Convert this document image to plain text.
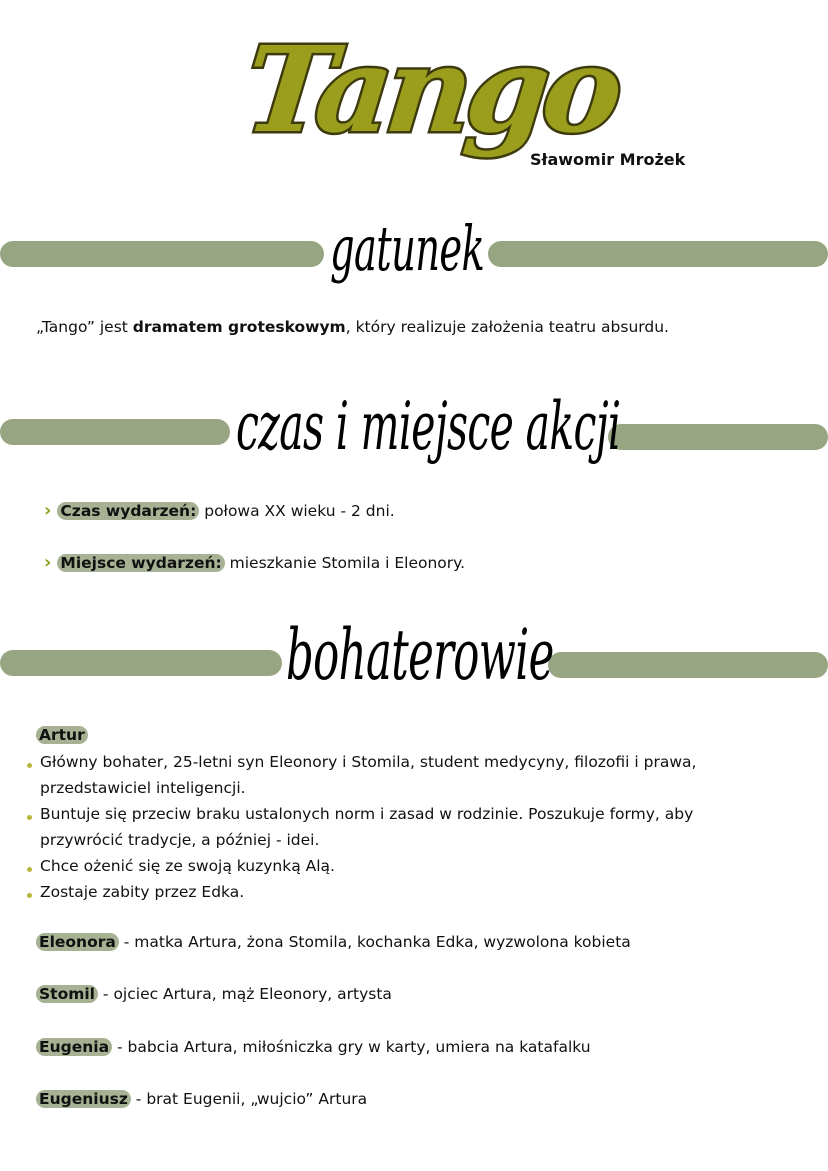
Tango
Sławomir Mrożek
gatunek
„Tango” jest dramatem groteskowym, który realizuje założenia teatru absurdu.
czas i miejsce akcji
› Czas wydarzeń: połowa XX wieku - 2 dni.
› Miejsce wydarzeń: mieszkanie Stomila i Eleonory.
bohaterowie
Artur
Główny bohater, 25-letni syn Eleonory i Stomila, student medycyny, filozofii i prawa,
przedstawiciel inteligencji.
Buntuje się przeciw braku ustalonych norm i zasad w rodzinie. Poszukuje formy, aby
przywrócić tradycje, a później - idei.
Chce ożenić się ze swoją kuzynką Alą.
Zostaje zabity przez Edka.
Eleonora - matka Artura, żona Stomila, kochanka Edka, wyzwolona kobieta
Stomil - ojciec Artura, mąż Eleonory, artysta
Eugenia - babcia Artura, miłośniczka gry w karty, umiera na katafalku
Eugeniusz - brat Eugenii, „wujcio” Artura
